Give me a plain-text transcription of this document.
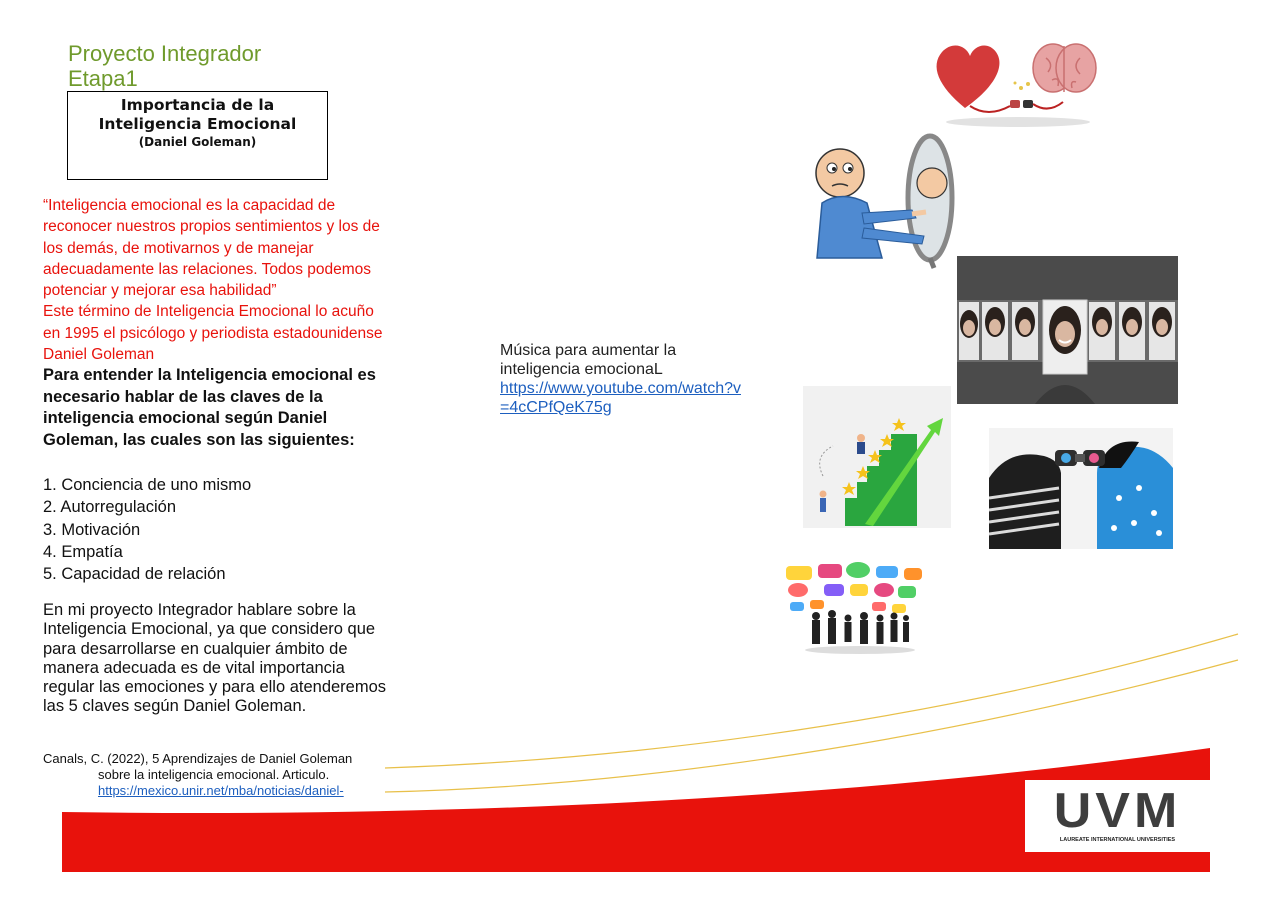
Proyecto Integrador
Etapa1
Importancia de la
Inteligencia Emocional
(Daniel Goleman)
“Inteligencia emocional es la capacidad de reconocer nuestros propios sentimientos y los de los demás, de motivarnos y de manejar adecuadamente las relaciones. Todos podemos potenciar y mejorar esa habilidad”
Este término de Inteligencia Emocional lo acuño en 1995 el psicólogo y periodista estadounidense Daniel Goleman
Para entender la Inteligencia emocional es necesario hablar de las claves de la inteligencia emocional según Daniel Goleman, las cuales son las siguientes:
1. Conciencia de uno mismo
2. Autorregulación
3. Motivación
4. Empatía
5. Capacidad de relación
En mi proyecto Integrador hablare sobre la Inteligencia Emocional, ya que considero que para desarrollarse en cualquier ámbito de manera adecuada es de vital importancia regular las emociones y para ello atenderemos las 5 claves según Daniel Goleman.
Canals, C. (2022), 5 Aprendizajes de Daniel Goleman
sobre la inteligencia emocional. Articulo.
https://mexico.unir.net/mba/noticias/daniel-
Música para aumentar la
inteligencia emocionaL
https://www.youtube.com/watch?v
=4cCPfQeK75g
UVM
LAUREATE INTERNATIONAL UNIVERSITIES
